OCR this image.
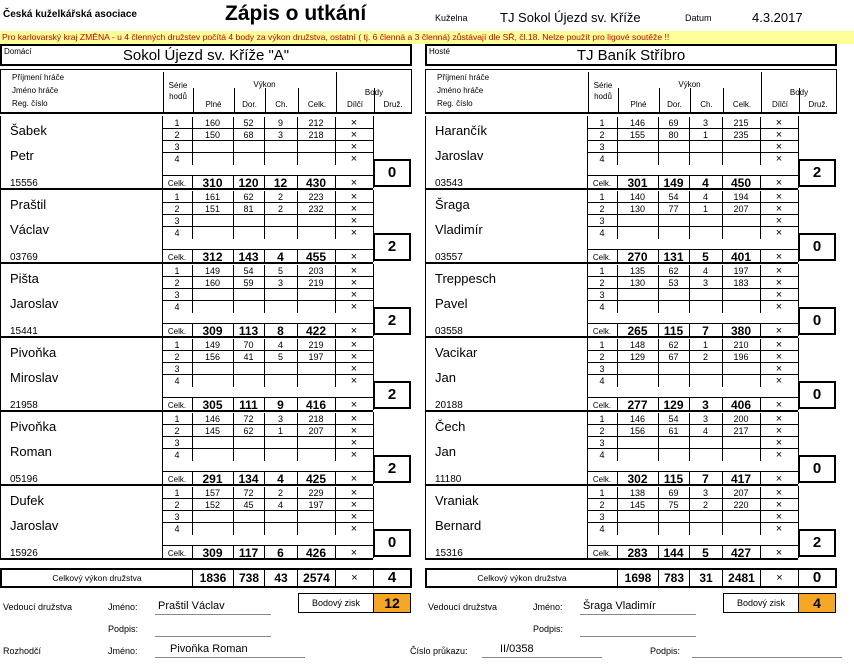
Česká kuželkářská asociace	Zápis o utkání	Kuželna TJ Sokol Újezd sv. Kříže	Datum	4.3.2017
Pro karlovarský kraj ZMĚNA - u 4 členných družstev počítá 4 body za výkon družstva, ostatní ( tj. 6 členná a 3 členná) zůstávají dle SŘ, čl.18. Nelze použít pro ligové soutěže !!
Domácí	Sokol Újezd sv. Kříže "A"	Hosté	TJ Baník Stříbro
Příjmení hráče
Jméno hráče
Reg. číslo
Série
hodů
Výkon
Plné	Dor.	Ch.	Celk.
Body
Dílčí	Druž.
Šabek
Petr
15556
1	160	52	9	212	×
2	150	68	3	218	×
3	×
4	×
Celk.	310	120	12	430	×
0
Praštil
Václav
03769
1	161	62	2	223	×
2	151	81	2	232	×
3	×
4	×
Celk.	312	143	4	455	×
2
Pišta
Jaroslav
15441
1	149	54	5	203	×
2	160	59	3	219	×
3	×
4	×
Celk.	309	113	8	422	×
2
Pivoňka
Miroslav
21958
1	149	70	4	219	×
2	156	41	5	197	×
3	×
4	×
Celk.	305	111	9	416	×
2
Pivoňka
Roman
05196
1	146	72	3	218	×
2	145	62	1	207	×
3	×
4	×
Celk.	291	134	4	425	×
2
Dufek
Jaroslav
15926
1	157	72	2	229	×
2	152	45	4	197	×
3	×
4	×
Celk.	309	117	6	426	×
0
Celkový výkon družstva	1836	738	43	2574	×	4
Příjmení hráče
Jméno hráče
Reg. číslo
Série
hodů
Výkon
Plné	Dor.	Ch.	Celk.
Body
Dílčí	Druž.
Harančík
Jaroslav
03543
1	146	69	3	215	×
2	155	80	1	235	×
3	×
4	×
Celk.	301	149	4	450	×
2
Šraga
Vladimír
03557
1	140	54	4	194	×
2	130	77	1	207	×
3	×
4	×
Celk.	270	131	5	401	×
0
Treppesch
Pavel
03558
1	135	62	4	197	×
2	130	53	3	183	×
3	×
4	×
Celk.	265	115	7	380	×
0
Vacikar
Jan
20188
1	148	62	1	210	×
2	129	67	2	196	×
3	×
4	×
Celk.	277	129	3	406	×
0
Čech
Jan
11180
1	146	54	3	200	×
2	156	61	4	217	×
3	×
4	×
Celk.	302	115	7	417	×
0
Vraniak
Bernard
15316
1	138	69	3	207	×
2	145	75	2	220	×
3	×
4	×
Celk.	283	144	5	427	×
2
Celkový výkon družstva	1698	783	31	2481	×	0
Vedoucí družstva	Jméno: Praštil Václav
Podpis:
Bodový zisk	12	Vedoucí družstva	Jméno: Šraga Vladimír
Podpis:
Bodový zisk	4
Rozhodčí	Jméno:	Pivoňka Roman	Číslo průkazu:	II/0358	Podpis:
